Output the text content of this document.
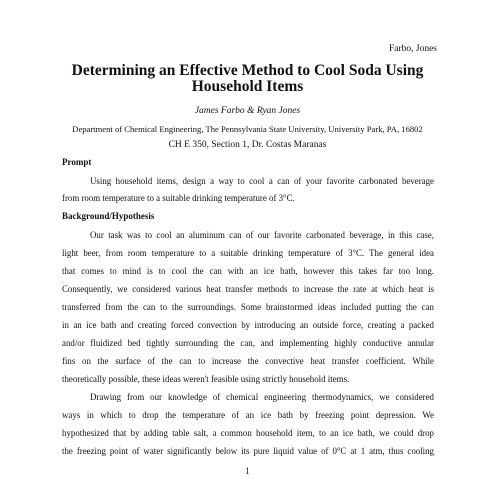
Farbo, Jones
Determining an Effective Method to Cool Soda Using
Household Items
James Farbo & Ryan Jones
Department of Chemical Engineering, The Pennsylvania State University, University Park, PA, 16802
CH E 350, Section 1, Dr. Costas Maranas
Prompt
Using household items, design a way to cool a can of your favorite carbonated beverage
from room temperature to a suitable drinking temperature of 3°C.
Background/Hypothesis
Our task was to cool an aluminum can of our favorite carbonated beverage, in this case,
light beer, from room temperature to a suitable drinking temperature of 3°C. The general idea
that comes to mind is to cool the can with an ice bath, however this takes far too long.
Consequently, we considered various heat transfer methods to increase the rate at which heat is
transferred from the can to the surroundings. Some brainstormed ideas included putting the can
in an ice bath and creating forced convection by introducing an outside force, creating a packed
and/or fluidized bed tightly surrounding the can, and implementing highly conductive annular
fins on the surface of the can to increase the convective heat transfer coefficient. While
theoretically possible, these ideas weren't feasible using strictly household items.
Drawing from our knowledge of chemical engineering thermodynamics, we considered
ways in which to drop the temperature of an ice bath by freezing point depression. We
hypothesized that by adding table salt, a common household item, to an ice bath, we could drop
the freezing point of water significantly below its pure liquid value of 0°C at 1 atm, thus cooling
1
